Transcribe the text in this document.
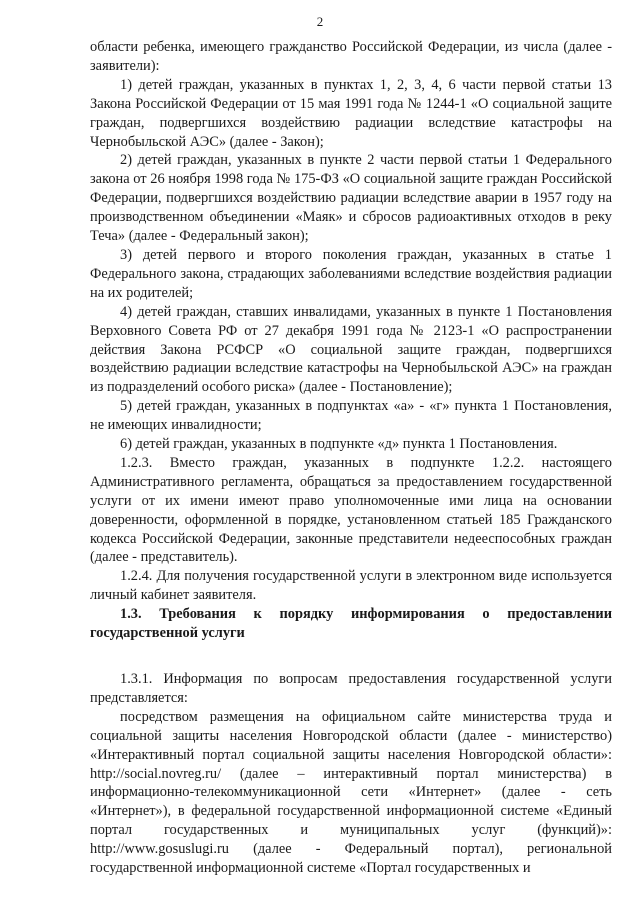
2

области ребенка, имеющего гражданство Российской Федерации, из числа (далее - заявители):

1) детей граждан, указанных в пунктах 1, 2, 3, 4, 6 части первой статьи 13 Закона Российской Федерации от 15 мая 1991 года № 1244-1 «О социальной защите граждан, подвергшихся воздействию радиации вследствие катастрофы на Чернобыльской АЭС» (далее - Закон);

2) детей граждан, указанных в пункте 2 части первой статьи 1 Федерального закона от 26 ноября 1998 года № 175-ФЗ «О социальной защите граждан Российской Федерации, подвергшихся воздействию радиации вследствие аварии в 1957 году на производственном объединении «Маяк» и сбросов радиоактивных отходов в реку Теча» (далее - Федеральный закон);

3) детей первого и второго поколения граждан, указанных в статье 1 Федерального закона, страдающих заболеваниями вследствие воздействия радиации на их родителей;

4) детей граждан, ставших инвалидами, указанных в пункте 1 Постановления Верховного Совета РФ от 27 декабря 1991 года № 2123-1 «О распространении действия Закона РСФСР «О социальной защите граждан, подвергшихся воздействию радиации вследствие катастрофы на Чернобыльской АЭС» на граждан из подразделений особого риска» (далее - Постановление);

5) детей граждан, указанных в подпунктах «а» - «г» пункта 1 Постановления, не имеющих инвалидности;

6) детей граждан, указанных в подпункте «д» пункта 1 Постановления.

1.2.3. Вместо граждан, указанных в подпункте 1.2.2. настоящего Административного регламента, обращаться за предоставлением государственной услуги от их имени имеют право уполномоченные ими лица на основании доверенности, оформленной в порядке, установленном статьей 185 Гражданского кодекса Российской Федерации, законные представители недееспособных граждан (далее - представитель).

1.2.4. Для получения государственной услуги в электронном виде используется личный кабинет заявителя.

1.3. Требования к порядку информирования о предоставлении государственной услуги

1.3.1. Информация по вопросам предоставления государственной услуги представляется:

посредством размещения на официальном сайте министерства труда и социальной защиты населения Новгородской области (далее - министерство) «Интерактивный портал социальной защиты населения Новгородской области»: http://social.novreg.ru/ (далее – интерактивный портал министерства) в информационно-телекоммуникационной сети «Интернет» (далее - сеть «Интернет»), в федеральной государственной информационной системе «Единый портал государственных и муниципальных услуг (функций)»: http://www.gosuslugi.ru (далее - Федеральный портал), региональной государственной информационной системе «Портал государственных и
